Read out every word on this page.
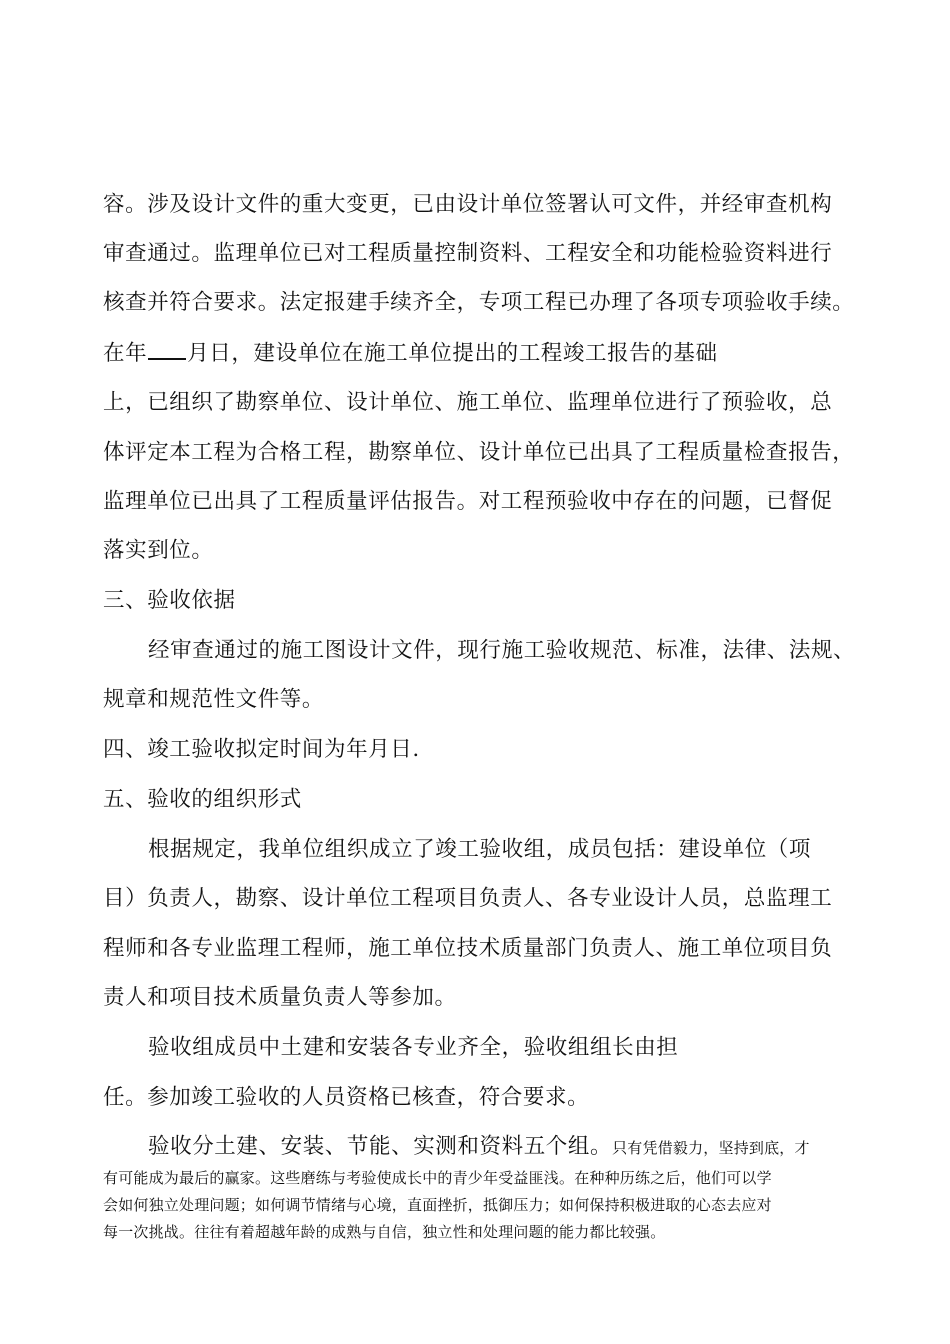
容。涉及设计文件的重大变更，已由设计单位签署认可文件，并经审查机构
审查通过。监理单位已对工程质量控制资料、工程安全和功能检验资料进行
核查并符合要求。法定报建手续齐全，专项工程已办理了各项专项验收手续。
在年 月日，建设单位在施工单位提出的工程竣工报告的基础
上，已组织了勘察单位、设计单位、施工单位、监理单位进行了预验收，总
体评定本工程为合格工程，勘察单位、设计单位已出具了工程质量检查报告，
监理单位已出具了工程质量评估报告。对工程预验收中存在的问题，已督促
落实到位。
三、验收依据
经审查通过的施工图设计文件，现行施工验收规范、标准，法律、法规、
规章和规范性文件等。
四、竣工验收拟定时间为年月日.
五、验收的组织形式
根据规定，我单位组织成立了竣工验收组，成员包括：建设单位（项
目）负责人，勘察、设计单位工程项目负责人、各专业设计人员，总监理工
程师和各专业监理工程师，施工单位技术质量部门负责人、施工单位项目负
责人和项目技术质量负责人等参加。
验收组成员中土建和安装各专业齐全，验收组组长由担
任。参加竣工验收的人员资格已核查，符合要求。
验收分土建、安装、节能、实测和资料五个组。只有凭借毅力，坚持到底，才
有可能成为最后的赢家。这些磨练与考验使成长中的青少年受益匪浅。在种种历练之后，他们可以学
会如何独立处理问题；如何调节情绪与心境，直面挫折，抵御压力；如何保持积极进取的心态去应对
每一次挑战。往往有着超越年龄的成熟与自信，独立性和处理问题的能力都比较强。
